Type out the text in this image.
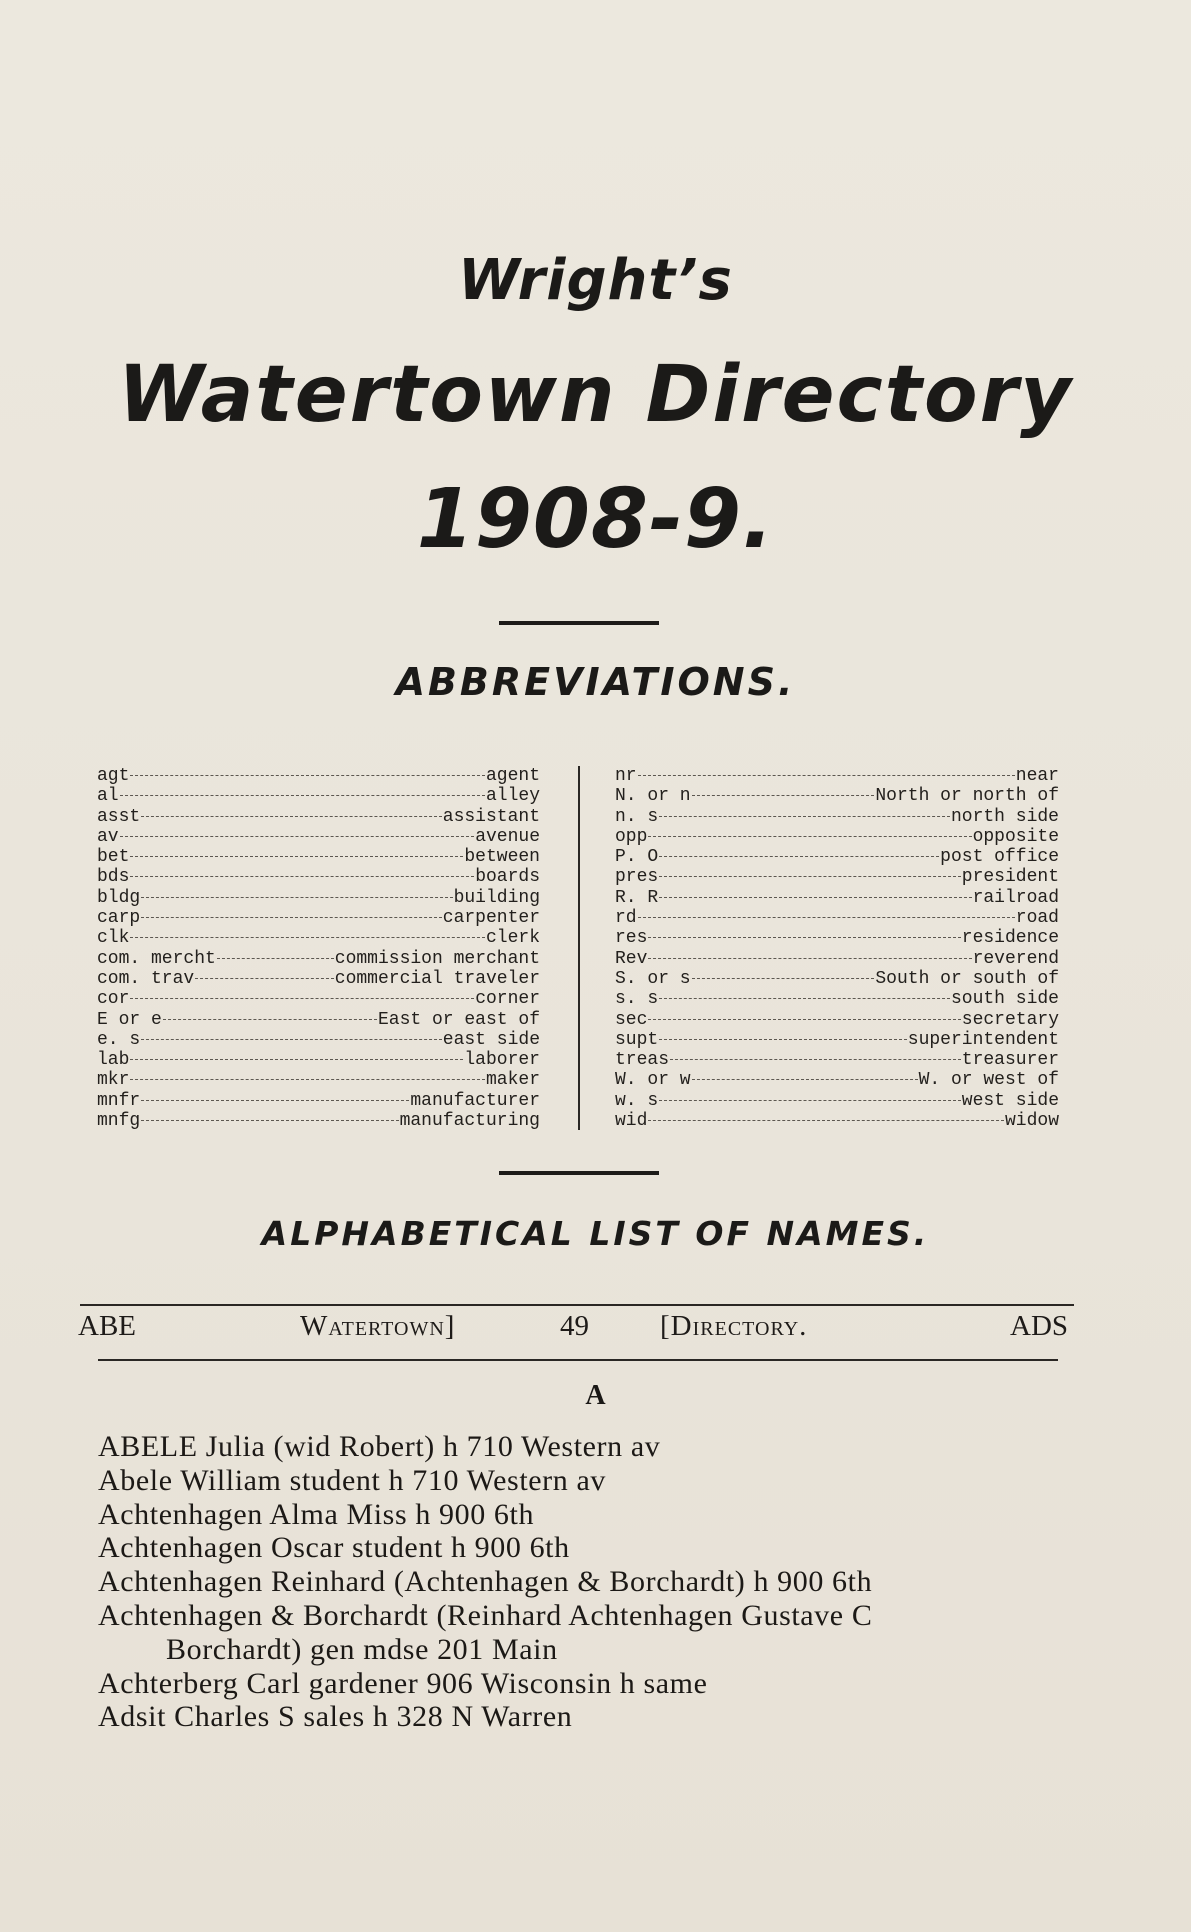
Wright’s
Watertown Directory
1908-9.
ABBREVIATIONS.
agt	agent
al	alley
asst	assistant
av	avenue
bet	between
bds	boards
bldg	building
carp	carpenter
clk	clerk
com. mercht	commission merchant
com. trav	commercial traveler
cor	corner
E or e	East or east of
e. s	east side
lab	laborer
mkr	maker
mnfr	manufacturer
mnfg	manufacturing
nr	near
N. or n	North or north of
n. s	north side
opp	opposite
P. O	post office
pres	president
R. R	railroad
rd	road
res	residence
Rev	reverend
S. or s	South or south of
s. s	south side
sec	secretary
supt	superintendent
treas	treasurer
W. or w	W. or west of
w. s	west side
wid	widow
ALPHABETICAL LIST OF NAMES.
ABE	Watertown]	49 [Directory.	ADS
A
ABELE Julia (wid Robert) h 710 Western av
Abele William student h 710 Western av
Achtenhagen Alma Miss h 900 6th
Achtenhagen Oscar student h 900 6th
Achtenhagen Reinhard (Achtenhagen & Borchardt) h 900 6th
Achtenhagen & Borchardt (Reinhard Achtenhagen Gustave C
Borchardt) gen mdse 201 Main
Achterberg Carl gardener 906 Wisconsin h same
Adsit Charles S sales h 328 N Warren
